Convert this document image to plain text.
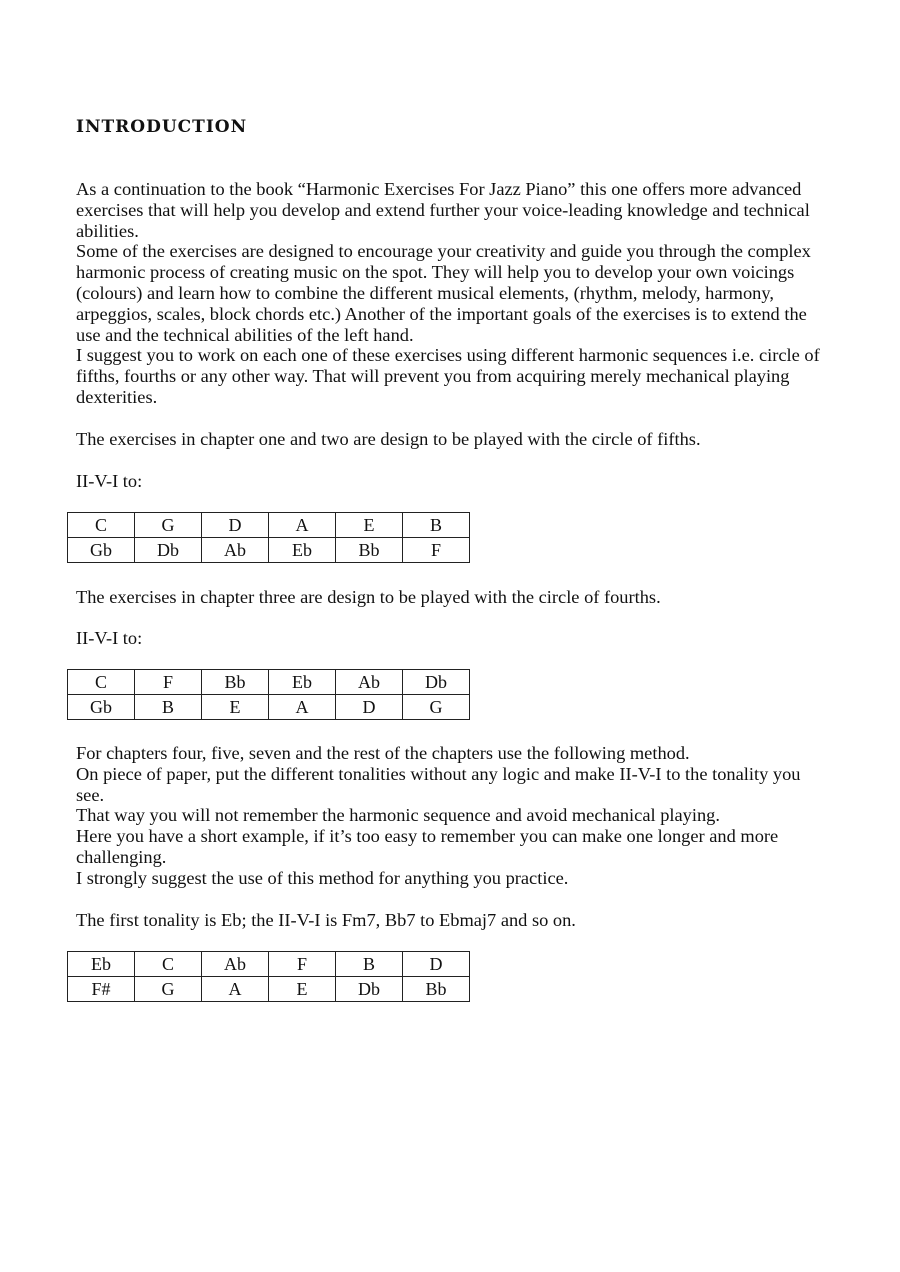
INTRODUCTION

As a continuation to the book “Harmonic Exercises For Jazz Piano” this one offers more advanced

exercises that will help you develop and extend further your voice-leading knowledge and technical

abilities.

Some of the exercises are designed to encourage your creativity and guide you through the complex

harmonic process of creating music on the spot. They will help you to develop your own voicings

(colours) and learn how to combine the different musical elements, (rhythm, melody, harmony,

arpeggios, scales, block chords etc.) Another of the important goals of the exercises is to extend the

use and the technical abilities of the left hand.

I suggest you to work on each one of these exercises using different harmonic sequences i.e. circle of

fifths, fourths or any other way. That will prevent you from acquiring merely mechanical playing

dexterities.

The exercises in chapter one and two are design to be played with the circle of fifths.

II-V-I to:

C	G	D	A	E	B
Gb	Db	Ab	Eb	Bb	F

The exercises in chapter three are design to be played with the circle of fourths.

II-V-I to:

C	F	Bb	Eb	Ab	Db
Gb	B	E	A	D	G

For chapters four, five, seven and the rest of the chapters use the following method.

On piece of paper, put the different tonalities without any logic and make II-V-I to the tonality you

see.

That way you will not remember the harmonic sequence and avoid mechanical playing.

Here you have a short example, if it’s too easy to remember you can make one longer and more

challenging.

I strongly suggest the use of this method for anything you practice.

The first tonality is Eb; the II-V-I is Fm7, Bb7 to Ebmaj7 and so on.

Eb	C	Ab	F	B	D
F#	G	A	E	Db	Bb
